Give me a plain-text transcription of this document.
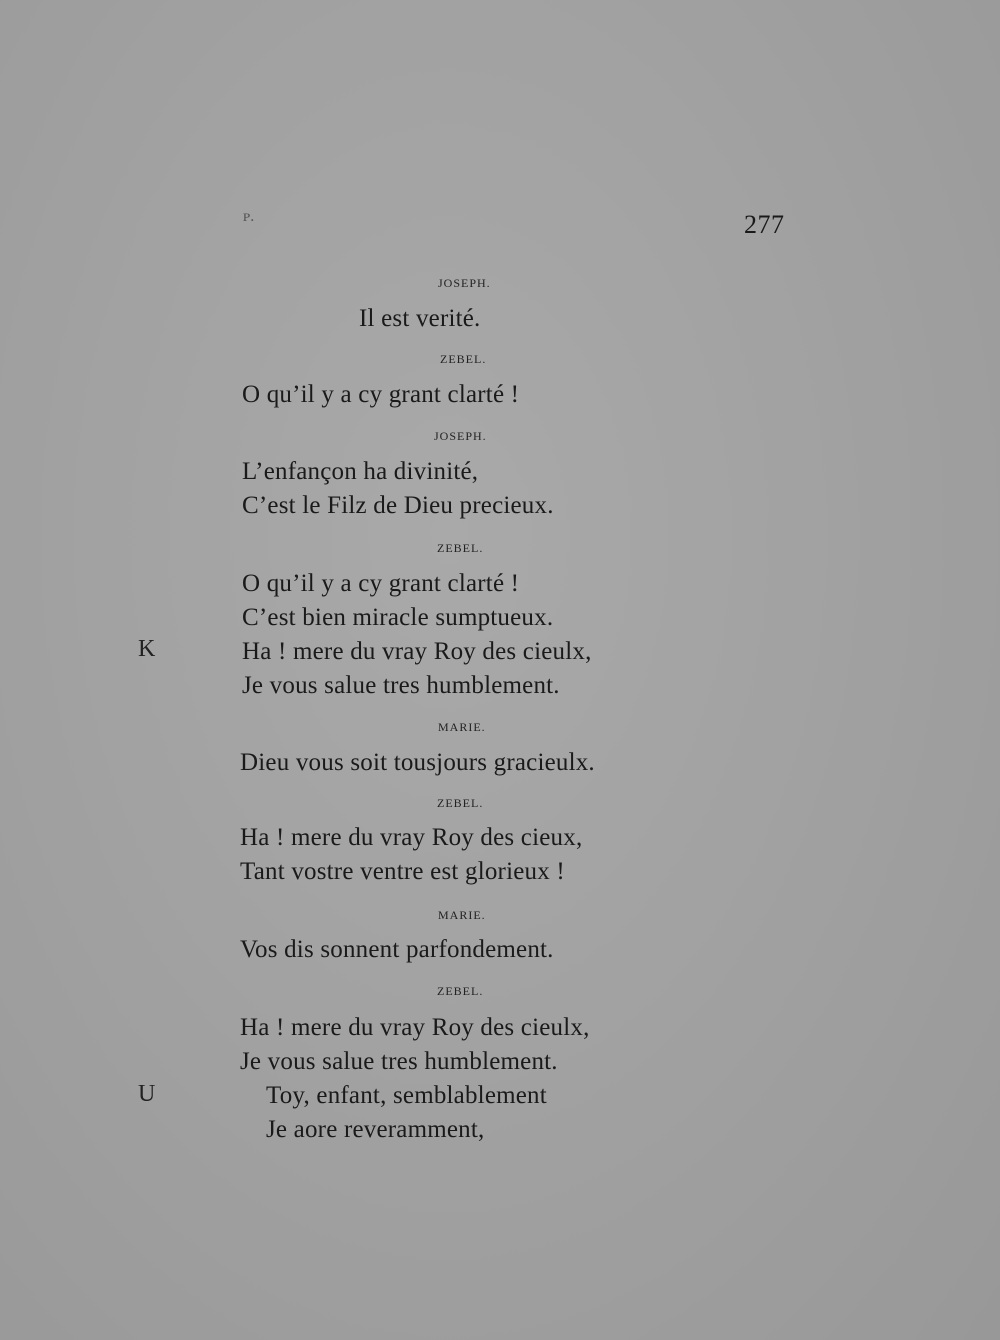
ᴘ.	277
JOSEPH.
Il est verité.
ZEBEL.
O qu’il y a cy grant clarté !
JOSEPH.
L’enfançon ha divinité,
C’est le Filz de Dieu precieux.
ZEBEL.
O qu’il y a cy grant clarté !
C’est bien miracle sumptueux.
K	Ha ! mere du vray Roy des cieulx,
Je vous salue tres humblement.
MARIE.
Dieu vous soit tousjours gracieulx.
ZEBEL.
Ha ! mere du vray Roy des cieux,
Tant vostre ventre est glorieux !
MARIE.
Vos dis sonnent parfondement.
ZEBEL.
Ha ! mere du vray Roy des cieulx,
Je vous salue tres humblement.
U	Toy, enfant, semblablement
Je aore reveramment,
